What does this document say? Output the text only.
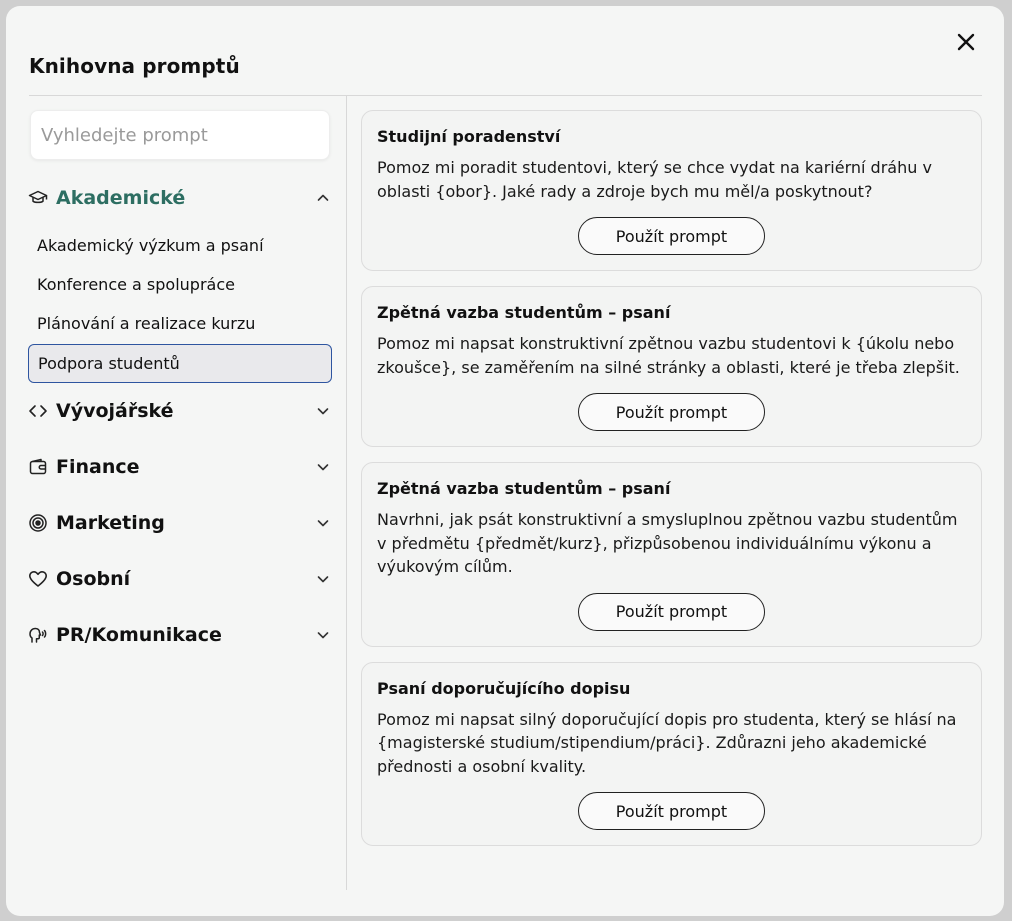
Knihovna promptů
Vyhledejte prompt
Akademické
Akademický výzkum a psaní
Konference a spolupráce
Plánování a realizace kurzu
Podpora studentů
Vývojářské
Finance
Marketing
Osobní
PR/Komunikace
Studijní poradenství
Pomoz mi poradit studentovi, který se chce vydat na kariérní dráhu v oblasti {obor}. Jaké rady a zdroje bych mu měl/a poskytnout?
Použít prompt
Zpětná vazba studentům – psaní
Pomoz mi napsat konstruktivní zpětnou vazbu studentovi k {úkolu nebo zkoušce}, se zaměřením na silné stránky a oblasti, které je třeba zlepšit.
Použít prompt
Zpětná vazba studentům – psaní
Navrhni, jak psát konstruktivní a smysluplnou zpětnou vazbu studentům v předmětu {předmět/kurz}, přizpůsobenou individuálnímu výkonu a výukovým cílům.
Použít prompt
Psaní doporučujícího dopisu
Pomoz mi napsat silný doporučující dopis pro studenta, který se hlásí na {magisterské studium/stipendium/práci}. Zdůrazni jeho akademické přednosti a osobní kvality.
Použít prompt
